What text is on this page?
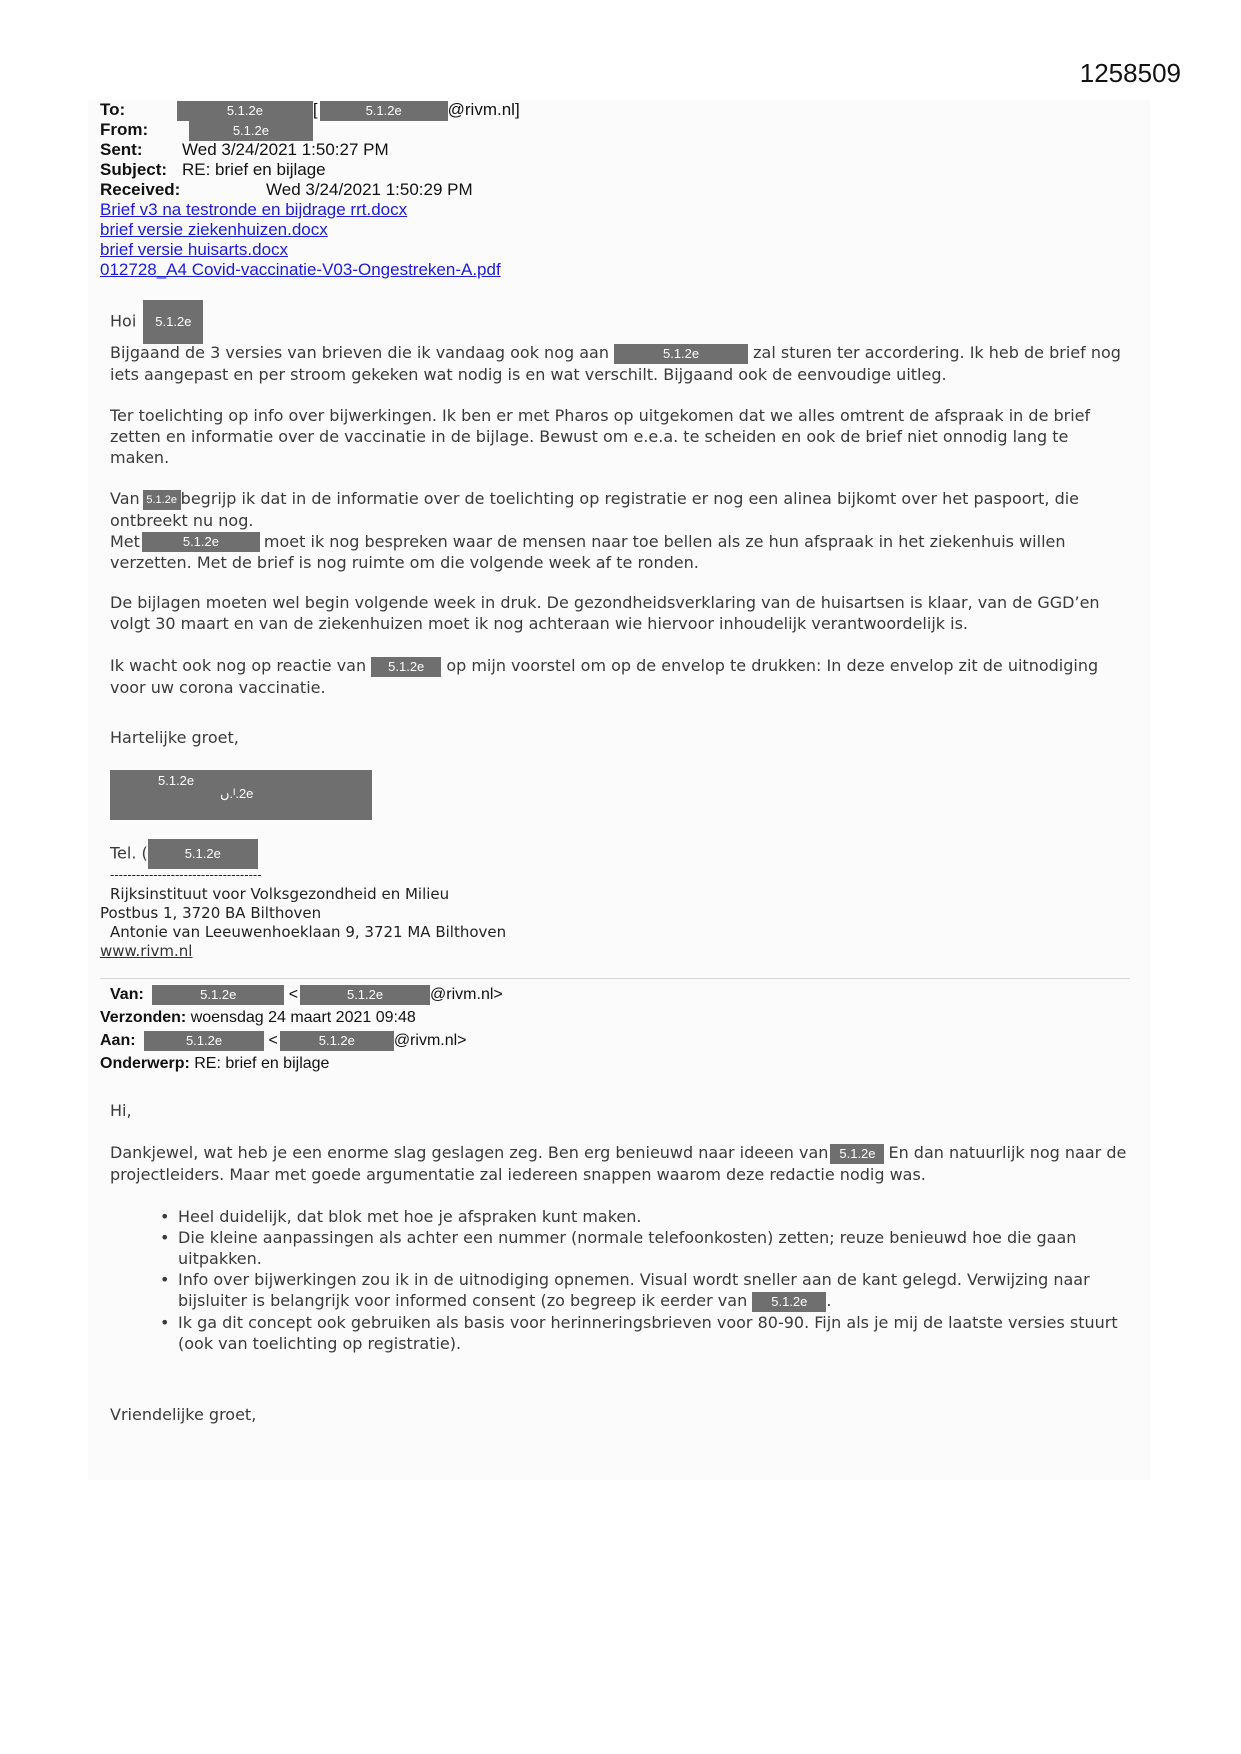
1258509
To:	5.1.2e	[	5.1.2e	@rivm.nl]
From:	5.1.2e
Sent: Wed 3/24/2021 1:50:27 PM
Subject: RE: brief en bijlage
Received:	Wed 3/24/2021 1:50:29 PM
Brief v3 na testronde en bijdrage rrt.docx
brief versie ziekenhuizen.docx
brief versie huisarts.docx
012728_A4 Covid-vaccinatie-V03-Ongestreken-A.pdf
Hoi 5.1.2e
Bijgaand de 3 versies van brieven die ik vandaag ook nog aan	5.1.2e	zal sturen ter accordering. Ik heb de brief nog iets aangepast en per stroom gekeken wat nodig is en wat verschilt. Bijgaand ook de eenvoudige uitleg.
Ter toelichting op info over bijwerkingen. Ik ben er met Pharos op uitgekomen dat we alles omtrent de afspraak in de brief zetten en informatie over de vaccinatie in de bijlage. Bewust om e.e.a. te scheiden en ook de brief niet onnodig lang te maken.
Van 5.1.2e begrijp ik dat in de informatie over de toelichting op registratie er nog een alinea bijkomt over het paspoort, die ontbreekt nu nog.
Met	5.1.2e	moet ik nog bespreken waar de mensen naar toe bellen als ze hun afspraak in het ziekenhuis willen verzetten. Met de brief is nog ruimte om die volgende week af te ronden.
De bijlagen moeten wel begin volgende week in druk. De gezondheidsverklaring van de huisartsen is klaar, van de GGD’en volgt 30 maart en van de ziekenhuizen moet ik nog achteraan wie hiervoor inhoudelijk verantwoordelijk is.
Ik wacht ook nog op reactie van 5.1.2e op mijn voorstel om op de envelop te drukken: In deze envelop zit de uitnodiging voor uw corona vaccinatie.
Hartelijke groet,
5.1.2e
ں.ᴵ.2e
Tel. (	5.1.2e
-----------------------------------
Rijksinstituut voor Volksgezondheid en Milieu
Postbus 1, 3720 BA Bilthoven
Antonie van Leeuwenhoeklaan 9, 3721 MA Bilthoven
www.rivm.nl
Van:	5.1.2e	<	5.1.2e	@rivm.nl>
Verzonden: woensdag 24 maart 2021 09:48
Aan:	5.1.2e	<	5.1.2e @rivm.nl>
Onderwerp: RE: brief en bijlage
Hi,
Dankjewel, wat heb je een enorme slag geslagen zeg. Ben erg benieuwd naar ideeen van 5.1.2e En dan natuurlijk nog naar de projectleiders. Maar met goede argumentatie zal iedereen snappen waarom deze redactie nodig was.
• Heel duidelijk, dat blok met hoe je afspraken kunt maken.
• Die kleine aanpassingen als achter een nummer (normale telefoonkosten) zetten; reuze benieuwd hoe die gaan uitpakken.
• Info over bijwerkingen zou ik in de uitnodiging opnemen. Visual wordt sneller aan de kant gelegd. Verwijzing naar bijsluiter is belangrijk voor informed consent (zo begreep ik eerder van 5.1.2e .
• Ik ga dit concept ook gebruiken als basis voor herinneringsbrieven voor 80-90. Fijn als je mij de laatste versies stuurt (ook van toelichting op registratie).
Vriendelijke groet,
